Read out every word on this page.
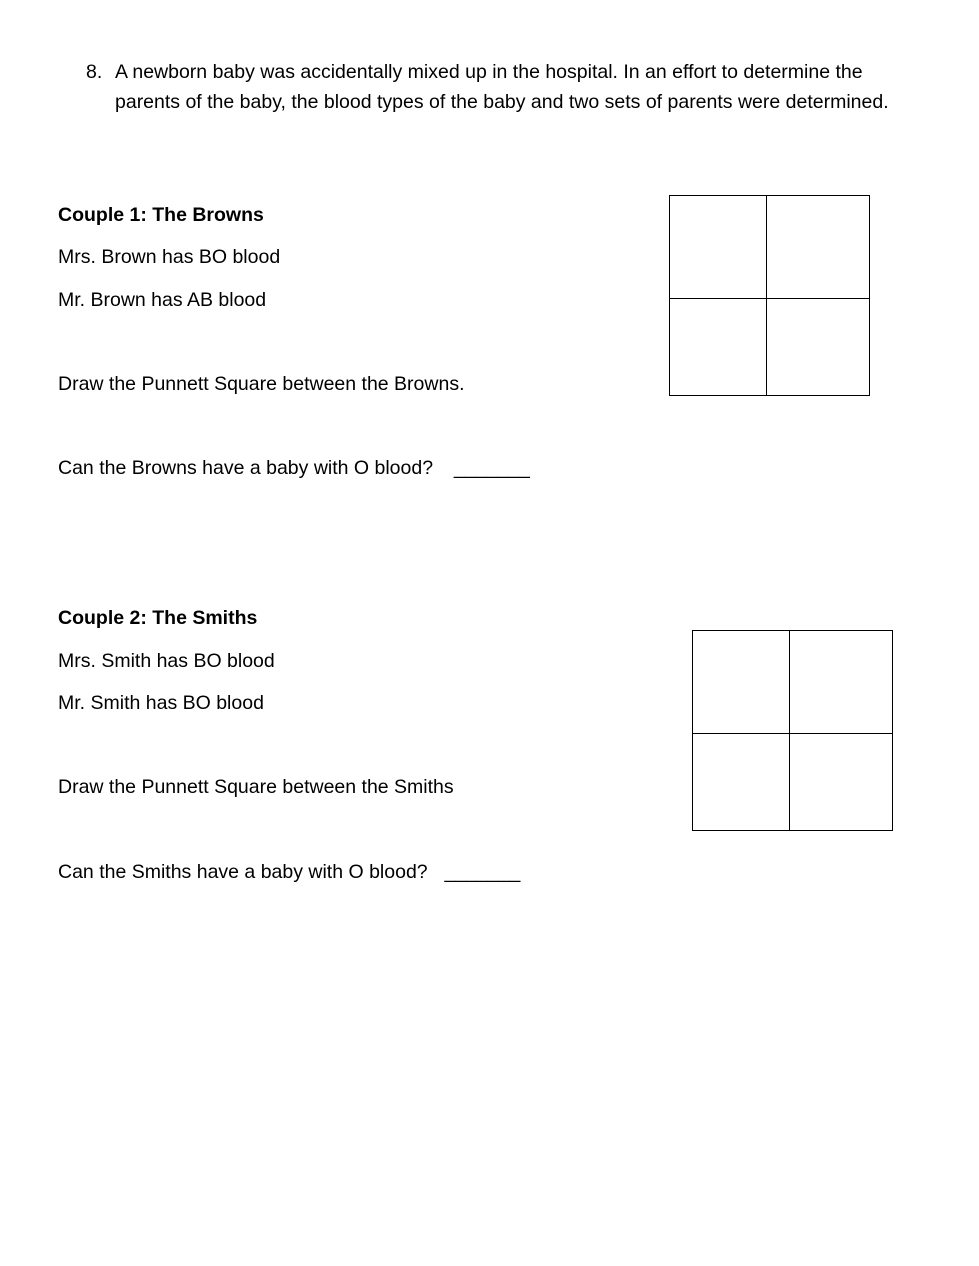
8. A newborn baby was accidentally mixed up in the hospital. In an effort to determine the parents of the baby, the blood types of the baby and two sets of parents were determined.
Couple 1: The Browns
Mrs. Brown has BO blood
Mr. Brown has AB blood
Draw the Punnett Square between the Browns.
Can the Browns have a baby with O blood? _______
Couple 2: The Smiths
Mrs. Smith has BO blood
Mr. Smith has BO blood
Draw the Punnett Square between the Smiths
Can the Smiths have a baby with O blood? _______
